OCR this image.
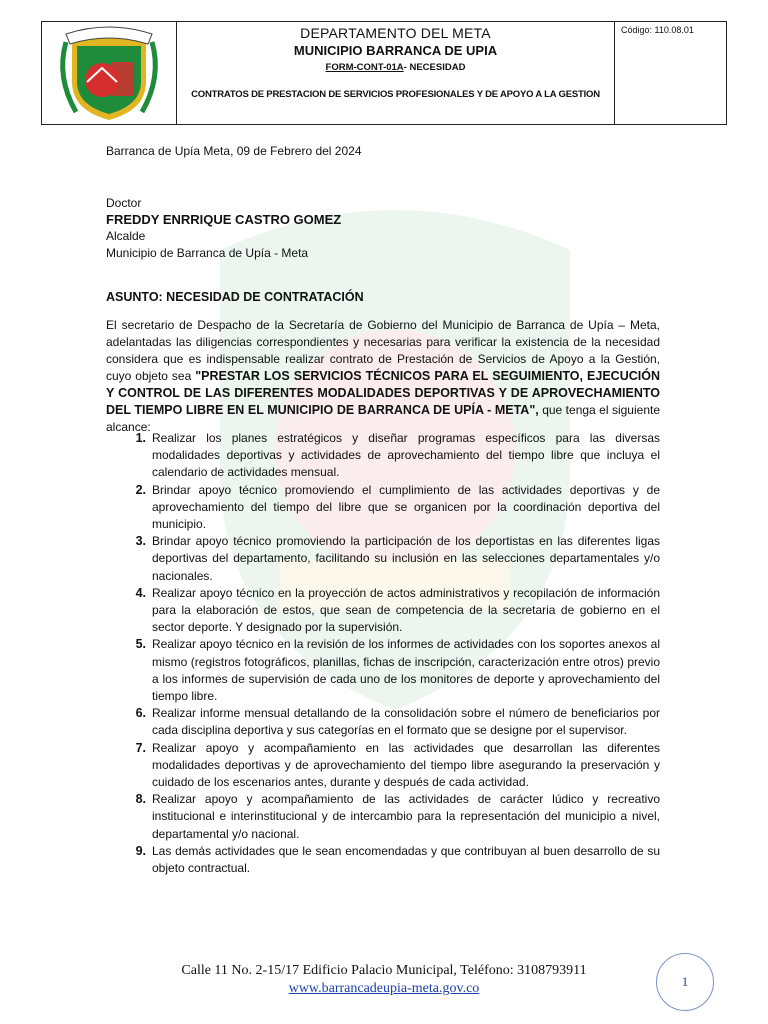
DEPARTAMENTO DEL META
MUNICIPIO BARRANCA DE UPIA
FORM-CONT-01A- NECESIDAD
CONTRATOS DE PRESTACION DE SERVICIOS PROFESIONALES Y DE APOYO A LA GESTION
Código: 110.08.01
Barranca de Upía Meta, 09 de Febrero del 2024
Doctor
FREDDY ENRRIQUE CASTRO GOMEZ
Alcalde
Municipio de Barranca de Upía - Meta
ASUNTO: NECESIDAD DE CONTRATACIÓN
El secretario de Despacho de la Secretaría de Gobierno del Municipio de Barranca de Upía – Meta, adelantadas las diligencias correspondientes y necesarias para verificar la existencia de la necesidad considera que es indispensable realizar contrato de Prestación de Servicios de Apoyo a la Gestión, cuyo objeto sea "PRESTAR LOS SERVICIOS TÉCNICOS PARA EL SEGUIMIENTO, EJECUCIÓN Y CONTROL DE LAS DIFERENTES MODALIDADES DEPORTIVAS Y DE APROVECHAMIENTO DEL TIEMPO LIBRE EN EL MUNICIPIO DE BARRANCA DE UPÍA - META", que tenga el siguiente alcance:
1. Realizar los planes estratégicos y diseñar programas específicos para las diversas modalidades deportivas y actividades de aprovechamiento del tiempo libre que incluya el calendario de actividades mensual.
2. Brindar apoyo técnico promoviendo el cumplimiento de las actividades deportivas y de aprovechamiento del tiempo del libre que se organicen por la coordinación deportiva del municipio.
3. Brindar apoyo técnico promoviendo la participación de los deportistas en las diferentes ligas deportivas del departamento, facilitando su inclusión en las selecciones departamentales y/o nacionales.
4. Realizar apoyo técnico en la proyección de actos administrativos y recopilación de información para la elaboración de estos, que sean de competencia de la secretaria de gobierno en el sector deporte. Y designado por la supervisión.
5. Realizar apoyo técnico en la revisión de los informes de actividades con los soportes anexos al mismo (registros fotográficos, planillas, fichas de inscripción, caracterización entre otros) previo a los informes de supervisión de cada uno de los monitores de deporte y aprovechamiento del tiempo libre.
6. Realizar informe mensual detallando de la consolidación sobre el número de beneficiarios por cada disciplina deportiva y sus categorías en el formato que se designe por el supervisor.
7. Realizar apoyo y acompañamiento en las actividades que desarrollan las diferentes modalidades deportivas y de aprovechamiento del tiempo libre asegurando la preservación y cuidado de los escenarios antes, durante y después de cada actividad.
8. Realizar apoyo y acompañamiento de las actividades de carácter lúdico y recreativo institucional e interinstitucional y de intercambio para la representación del municipio a nivel, departamental y/o nacional.
9. Las demás actividades que le sean encomendadas y que contribuyan al buen desarrollo de su objeto contractual.
Calle 11 No. 2-15/17 Edificio Palacio Municipal, Teléfono: 3108793911
www.barrancadeupia-meta.gov.co	1
